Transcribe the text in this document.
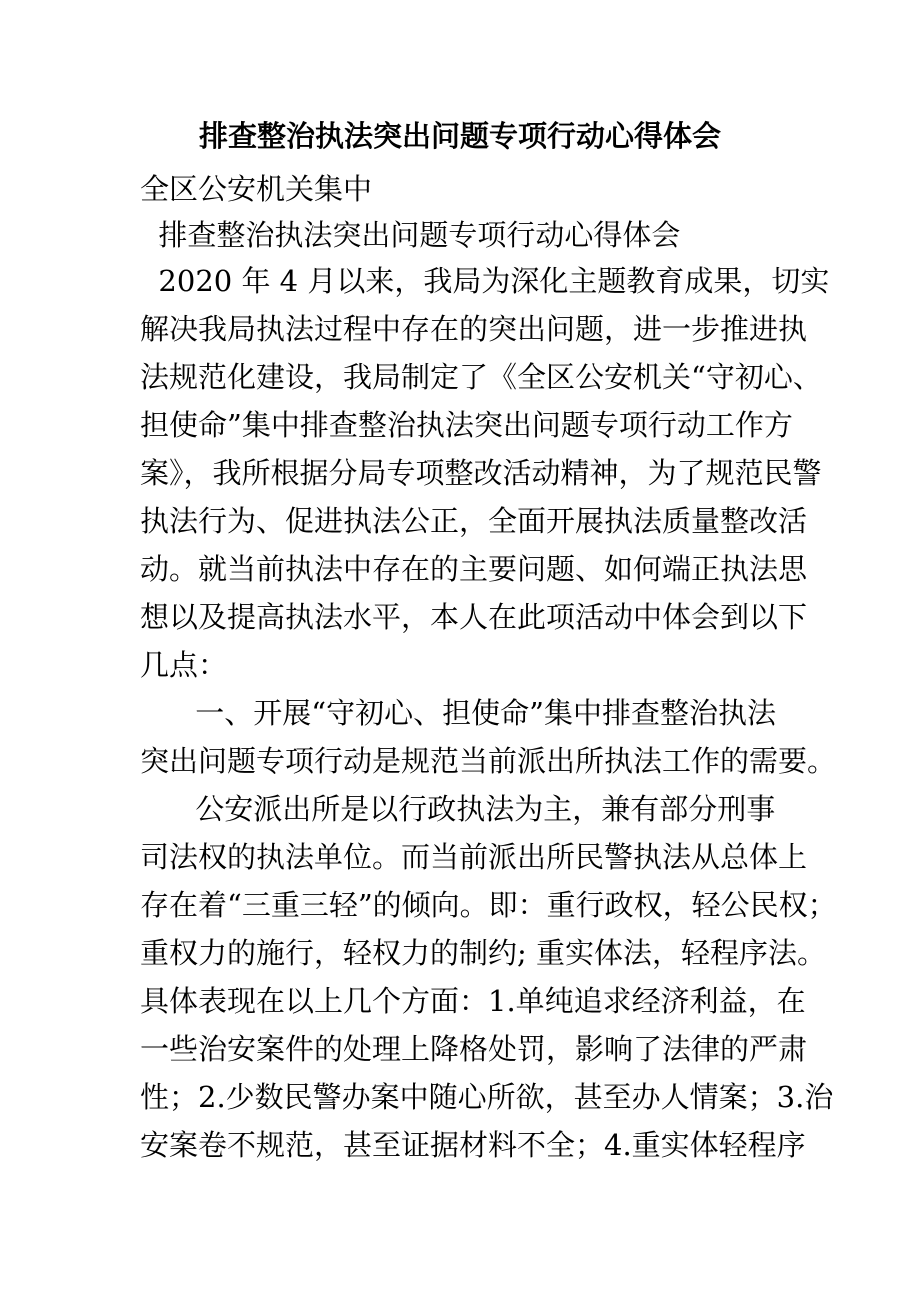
排查整治执法突出问题专项行动心得体会

全区公安机关集中

排查整治执法突出问题专项行动心得体会

2020 年 4 月以来，我局为深化主题教育成果，切实

解决我局执法过程中存在的突出问题，进一步推进执

法规范化建设，我局制定了《全区公安机关“守初心、

担使命”集中排查整治执法突出问题专项行动工作方

案》，我所根据分局专项整改活动精神，为了规范民警

执法行为、促进执法公正，全面开展执法质量整改活

动。就当前执法中存在的主要问题、如何端正执法思

想以及提高执法水平，本人在此项活动中体会到以下

几点：

一、开展“守初心、担使命”集中排查整治执法

突出问题专项行动是规范当前派出所执法工作的需要。

公安派出所是以行政执法为主，兼有部分刑事

司法权的执法单位。而当前派出所民警执法从总体上

存在着“三重三轻”的倾向。即：重行政权，轻公民权；

重权力的施行，轻权力的制约; 重实体法，轻程序法。

具体表现在以上几个方面：1.单纯追求经济利益，在

一些治安案件的处理上降格处罚，影响了法律的严肃

性；2.少数民警办案中随心所欲，甚至办人情案；3.治

安案卷不规范，甚至证据材料不全；4.重实体轻程序
